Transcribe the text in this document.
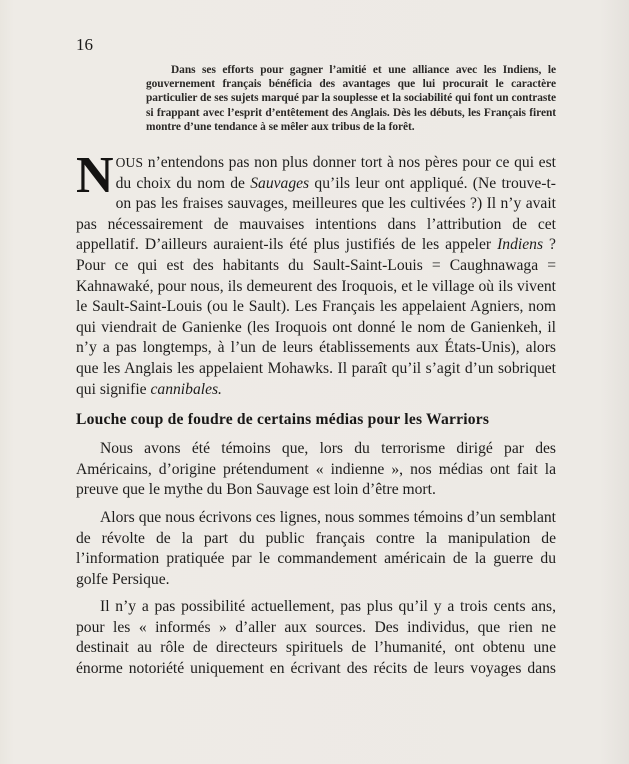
16

Dans ses efforts pour gagner l’amitié et une alliance avec les Indiens, le gouvernement français bénéficia des avantages que lui procurait le caractère particulier de ses sujets marqué par la souplesse et la sociabilité qui font un contraste si frappant avec l’esprit d’entêtement des Anglais. Dès les débuts, les Français firent montre d’une tendance à se mêler aux tribus de la forêt.

NOUS n’entendons pas non plus donner tort à nos pères pour ce qui est du choix du nom de Sauvages qu’ils leur ont appliqué. (Ne trouve-t-on pas les fraises sauvages, meilleures que les cultivées ?) Il n’y avait pas nécessairement de mauvaises intentions dans l’attribution de cet appellatif. D’ailleurs auraient-ils été plus justifiés de les appeler Indiens ? Pour ce qui est des habitants du Sault-Saint-Louis = Caughnawaga = Kahnawaké, pour nous, ils demeurent des Iroquois, et le village où ils vivent le Sault-Saint-Louis (ou le Sault). Les Français les appelaient Agniers, nom qui viendrait de Ganienke (les Iroquois ont donné le nom de Ganienkeh, il n’y a pas longtemps, à l’un de leurs établissements aux États-Unis), alors que les Anglais les appelaient Mohawks. Il paraît qu’il s’agit d’un sobriquet qui signifie cannibales.

Louche coup de foudre de certains médias pour les Warriors

Nous avons été témoins que, lors du terrorisme dirigé par des Américains, d’origine prétendument « indienne », nos médias ont fait la preuve que le mythe du Bon Sauvage est loin d’être mort.

Alors que nous écrivons ces lignes, nous sommes témoins d’un semblant de révolte de la part du public français contre la manipulation de l’information pratiquée par le commandement américain de la guerre du golfe Persique.

Il n’y a pas possibilité actuellement, pas plus qu’il y a trois cents ans, pour les « informés » d’aller aux sources. Des individus, que rien ne destinait au rôle de directeurs spirituels de l’humanité, ont obtenu une énorme notoriété uniquement en écrivant des récits de leurs voyages dans
